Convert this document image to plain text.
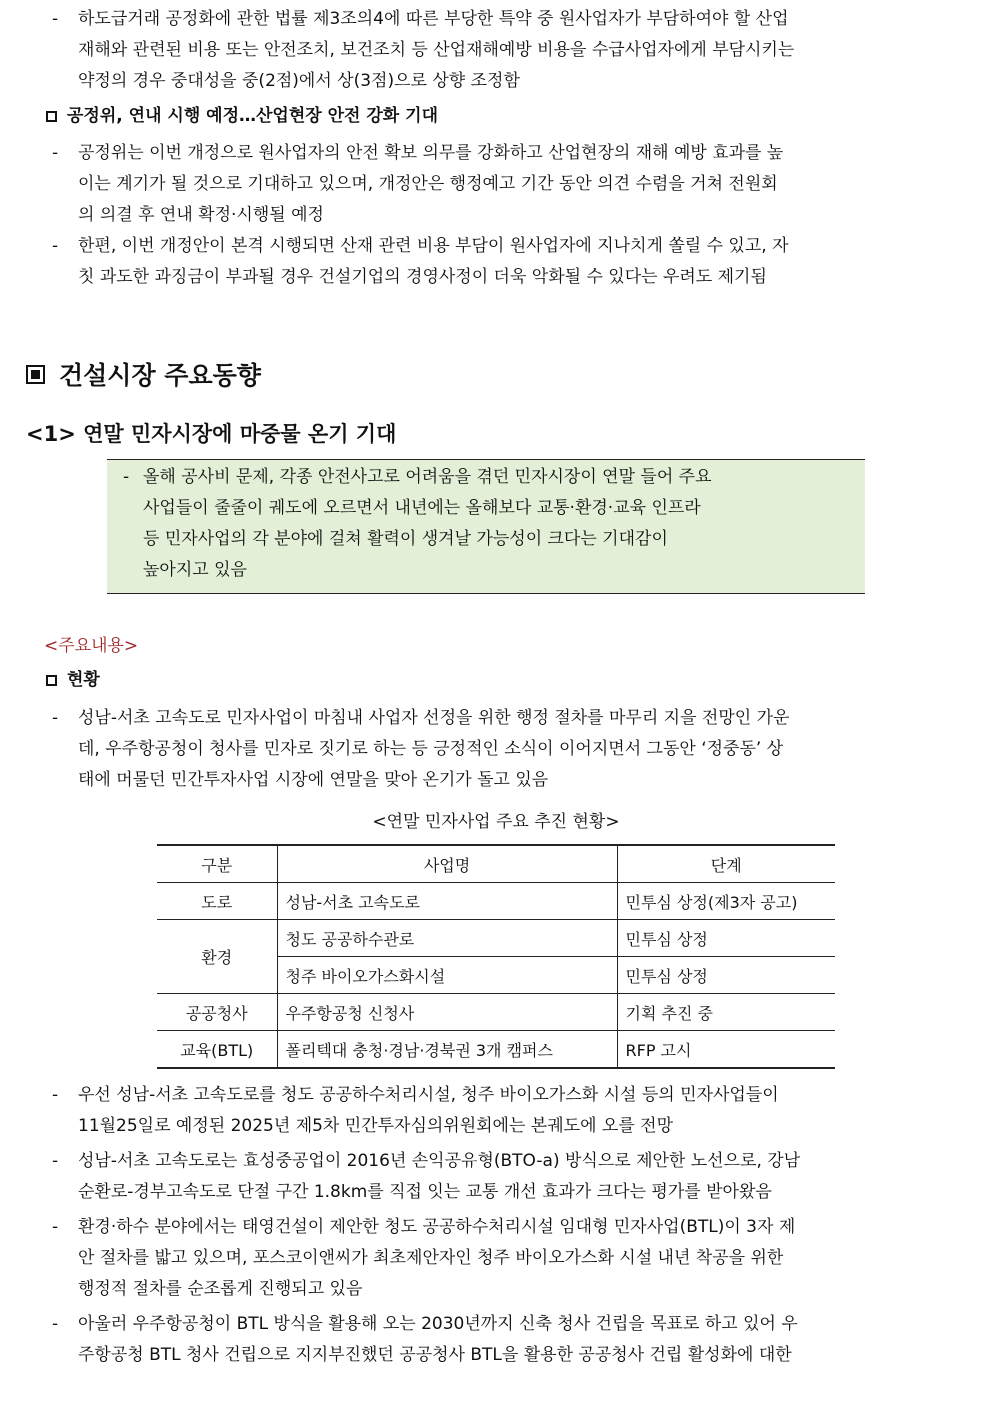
-	하도급거래 공정화에 관한 법률 제3조의4에 따른 부당한 특약 중 원사업자가 부담하여야 할 산업
재해와 관련된 비용 또는 안전조치, 보건조치 등 산업재해예방 비용을 수급사업자에게 부담시키는
약정의 경우 중대성을 중(2점)에서 상(3점)으로 상향 조정함
공정위, 연내 시행 예정…산업현장 안전 강화 기대
-	공정위는 이번 개정으로 원사업자의 안전 확보 의무를 강화하고 산업현장의 재해 예방 효과를 높
이는 계기가 될 것으로 기대하고 있으며, 개정안은 행정예고 기간 동안 의견 수렴을 거쳐 전원회
의 의결 후 연내 확정·시행될 예정
-	한편, 이번 개정안이 본격 시행되면 산재 관련 비용 부담이 원사업자에 지나치게 쏠릴 수 있고, 자
칫 과도한 과징금이 부과될 경우 건설기업의 경영사정이 더욱 악화될 수 있다는 우려도 제기됨
건설시장 주요동향
<1> 연말 민자시장에 마중물 온기 기대
- 올해 공사비 문제, 각종 안전사고로 어려움을 겪던 민자시장이 연말 들어 주요
사업들이 줄줄이 궤도에 오르면서 내년에는 올해보다 교통·환경·교육 인프라
등 민자사업의 각 분야에 걸쳐 활력이 생겨날 가능성이 크다는 기대감이
높아지고 있음
<주요내용>
현황
-	성남-서초 고속도로 민자사업이 마침내 사업자 선정을 위한 행정 절차를 마무리 지을 전망인 가운
데, 우주항공청이 청사를 민자로 짓기로 하는 등 긍정적인 소식이 이어지면서 그동안 ‘정중동’ 상
태에 머물던 민간투자사업 시장에 연말을 맞아 온기가 돌고 있음
<연말 민자사업 주요 추진 현황>
구분	사업명	단계
도로	성남-서초 고속도로	민투심 상정(제3자 공고)
환경	청도 공공하수관로	민투심 상정
	청주 바이오가스화시설	민투심 상정
공공청사	우주항공청 신청사	기획 추진 중
교육(BTL)	폴리텍대 충청·경남·경북권 3개 캠퍼스	RFP 고시
-	우선 성남-서초 고속도로를 청도 공공하수처리시설, 청주 바이오가스화 시설 등의 민자사업들이
11월25일로 예정된 2025년 제5차 민간투자심의위원회에는 본궤도에 오를 전망
-	성남-서초 고속도로는 효성중공업이 2016년 손익공유형(BTO-a) 방식으로 제안한 노선으로, 강남
순환로-경부고속도로 단절 구간 1.8km를 직접 잇는 교통 개선 효과가 크다는 평가를 받아왔음
-	환경·하수 분야에서는 태영건설이 제안한 청도 공공하수처리시설 임대형 민자사업(BTL)이 3자 제
안 절차를 밟고 있으며, 포스코이앤씨가 최초제안자인 청주 바이오가스화 시설 내년 착공을 위한
행정적 절차를 순조롭게 진행되고 있음
-	아울러 우주항공청이 BTL 방식을 활용해 오는 2030년까지 신축 청사 건립을 목표로 하고 있어 우
주항공청 BTL 청사 건립으로 지지부진했던 공공청사 BTL을 활용한 공공청사 건립 활성화에 대한
